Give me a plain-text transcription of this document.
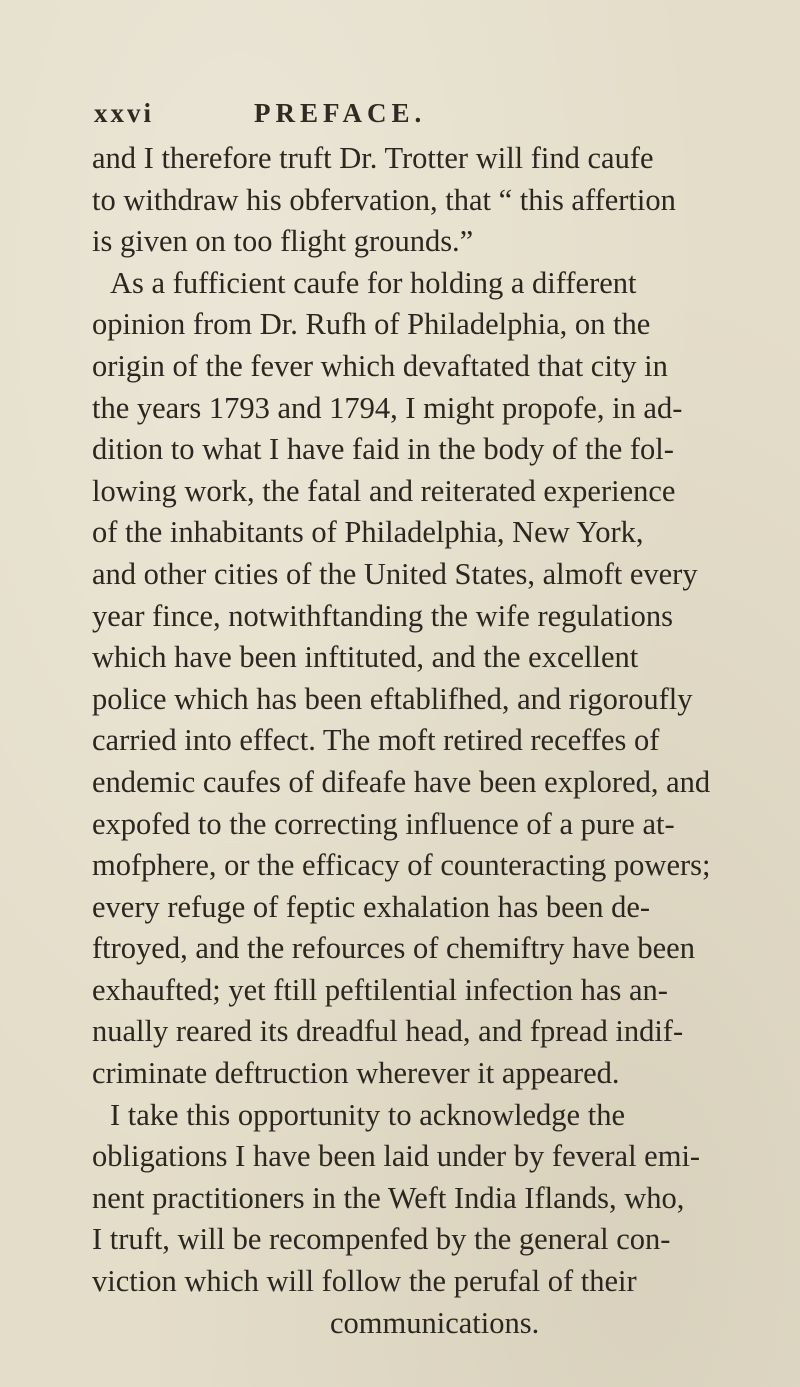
xxvi	PREFACE.
and I therefore truft Dr. Trotter will find caufe
to withdraw his obfervation, that “ this affertion
is given on too flight grounds.”
As a fufficient caufe for holding a different
opinion from Dr. Rufh of Philadelphia, on the
origin of the fever which devaftated that city in
the years 1793 and 1794, I might propofe, in ad-
dition to what I have faid in the body of the fol-
lowing work, the fatal and reiterated experience
of the inhabitants of Philadelphia, New York,
and other cities of the United States, almoft every
year fince, notwithftanding the wife regulations
which have been inftituted, and the excellent
police which has been eftablifhed, and rigoroufly
carried into effect. The moft retired receffes of
endemic caufes of difeafe have been explored, and
expofed to the correcting influence of a pure at-
mofphere, or the efficacy of counteracting powers;
every refuge of feptic exhalation has been de-
ftroyed, and the refources of chemiftry have been
exhaufted; yet ftill peftilential infection has an-
nually reared its dreadful head, and fpread indif-
criminate deftruction wherever it appeared.
I take this opportunity to acknowledge the
obligations I have been laid under by feveral emi-
nent practitioners in the Weft India Iflands, who,
I truft, will be recompenfed by the general con-
viction which will follow the perufal of their
communications.
